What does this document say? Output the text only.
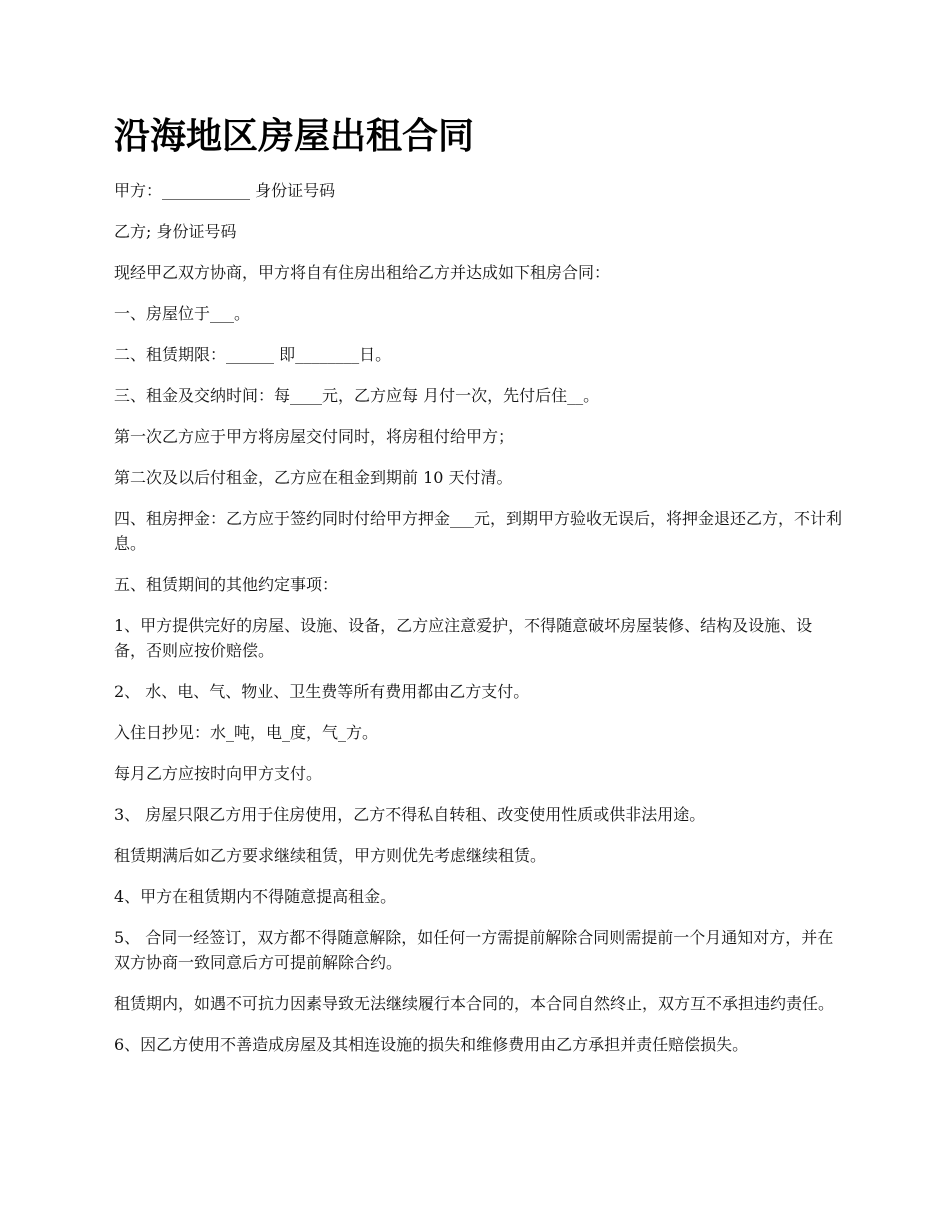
沿海地区房屋出租合同

甲方：___________ 身份证号码

乙方; 身份证号码

现经甲乙双方协商，甲方将自有住房出租给乙方并达成如下租房合同：

一、房屋位于___。

二、租赁期限：______ 即________日。

三、租金及交纳时间：每____元，乙方应每 月付一次，先付后住__。

第一次乙方应于甲方将房屋交付同时，将房租付给甲方；

第二次及以后付租金，乙方应在租金到期前 10 天付清。

四、租房押金：乙方应于签约同时付给甲方押金___元，到期甲方验收无误后，将押金退还乙方，不计利息。

五、租赁期间的其他约定事项：

1、甲方提供完好的房屋、设施、设备，乙方应注意爱护，不得随意破坏房屋装修、结构及设施、设备，否则应按价赔偿。

2、 水、电、气、物业、卫生费等所有费用都由乙方支付。

入住日抄见：水_吨，电_度，气_方。

每月乙方应按时向甲方支付。

3、 房屋只限乙方用于住房使用，乙方不得私自转租、改变使用性质或供非法用途。

租赁期满后如乙方要求继续租赁，甲方则优先考虑继续租赁。

4、甲方在租赁期内不得随意提高租金。

5、 合同一经签订，双方都不得随意解除，如任何一方需提前解除合同则需提前一个月通知对方，并在双方协商一致同意后方可提前解除合约。

租赁期内，如遇不可抗力因素导致无法继续履行本合同的，本合同自然终止，双方互不承担违约责任。

6、因乙方使用不善造成房屋及其相连设施的损失和维修费用由乙方承担并责任赔偿损失。
